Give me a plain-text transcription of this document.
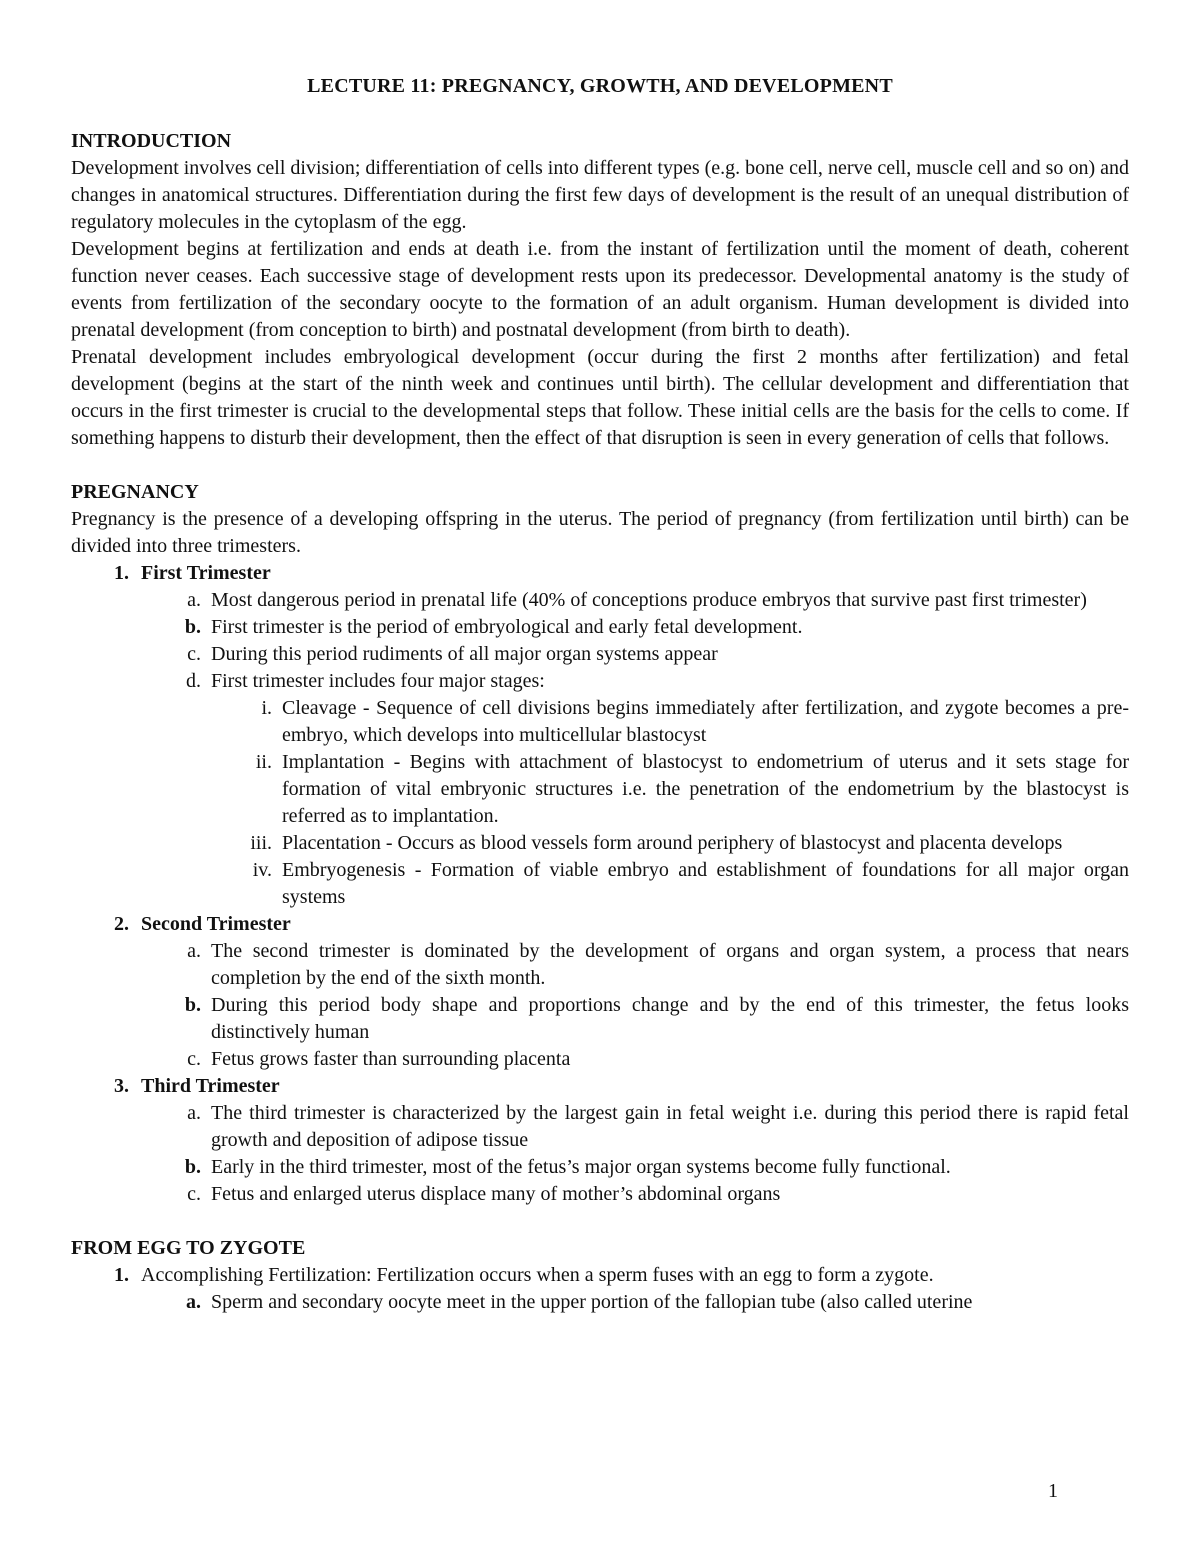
LECTURE 11: PREGNANCY, GROWTH, AND DEVELOPMENT
INTRODUCTION
Development involves cell division; differentiation of cells into different types (e.g. bone cell, nerve cell, muscle cell and so on) and changes in anatomical structures. Differentiation during the first few days of development is the result of an unequal distribution of regulatory molecules in the cytoplasm of the egg.
Development begins at fertilization and ends at death i.e. from the instant of fertilization until the moment of death, coherent function never ceases. Each successive stage of development rests upon its predecessor. Developmental anatomy is the study of events from fertilization of the secondary oocyte to the formation of an adult organism. Human development is divided into prenatal development (from conception to birth) and postnatal development (from birth to death).
Prenatal development includes embryological development (occur during the first 2 months after fertilization) and fetal development (begins at the start of the ninth week and continues until birth). The cellular development and differentiation that occurs in the first trimester is crucial to the developmental steps that follow. These initial cells are the basis for the cells to come. If something happens to disturb their development, then the effect of that disruption is seen in every generation of cells that follows.
PREGNANCY
Pregnancy is the presence of a developing offspring in the uterus. The period of pregnancy (from fertilization until birth) can be divided into three trimesters.
1. First Trimester
a. Most dangerous period in prenatal life (40% of conceptions produce embryos that survive past first trimester)
b. First trimester is the period of embryological and early fetal development.
c. During this period rudiments of all major organ systems appear
d. First trimester includes four major stages:
i. Cleavage - Sequence of cell divisions begins immediately after fertilization, and zygote becomes a pre-embryo, which develops into multicellular blastocyst
ii. Implantation - Begins with attachment of blastocyst to endometrium of uterus and it sets stage for formation of vital embryonic structures i.e. the penetration of the endometrium by the blastocyst is referred as to implantation.
iii. Placentation - Occurs as blood vessels form around periphery of blastocyst and placenta develops
iv. Embryogenesis - Formation of viable embryo and establishment of foundations for all major organ systems
2. Second Trimester
a. The second trimester is dominated by the development of organs and organ system, a process that nears completion by the end of the sixth month.
b. During this period body shape and proportions change and by the end of this trimester, the fetus looks distinctively human
c. Fetus grows faster than surrounding placenta
3. Third Trimester
a. The third trimester is characterized by the largest gain in fetal weight i.e. during this period there is rapid fetal growth and deposition of adipose tissue
b. Early in the third trimester, most of the fetus’s major organ systems become fully functional.
c. Fetus and enlarged uterus displace many of mother’s abdominal organs
FROM EGG TO ZYGOTE
1. Accomplishing Fertilization: Fertilization occurs when a sperm fuses with an egg to form a zygote.
a. Sperm and secondary oocyte meet in the upper portion of the fallopian tube (also called uterine
1
